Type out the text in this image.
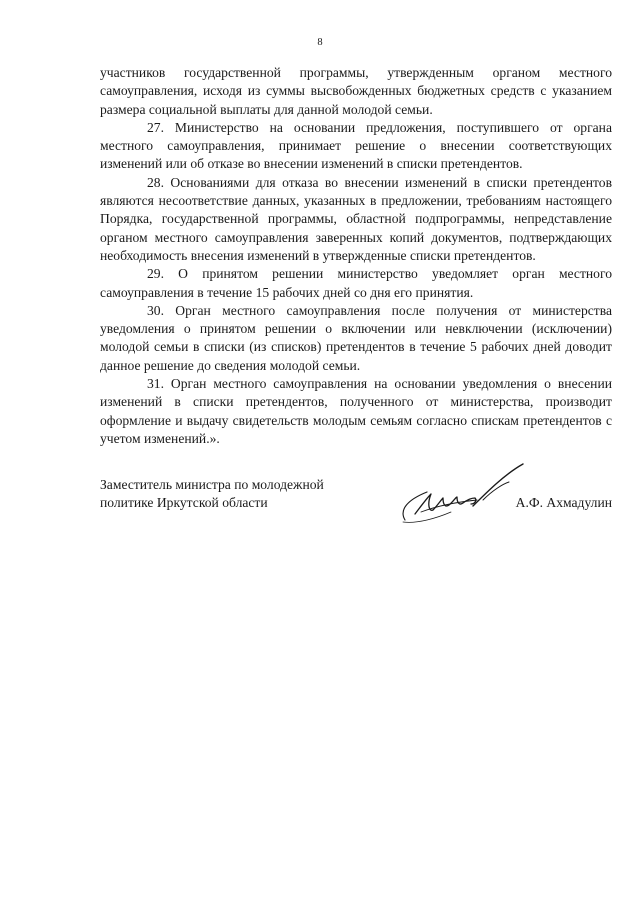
8

участников государственной программы, утвержденным органом местного самоуправления, исходя из суммы высвобожденных бюджетных средств с указанием размера социальной выплаты для данной молодой семьи.

27. Министерство на основании предложения, поступившего от органа местного самоуправления, принимает решение о внесении соответствующих изменений или об отказе во внесении изменений в списки претендентов.

28. Основаниями для отказа во внесении изменений в списки претендентов являются несоответствие данных, указанных в предложении, требованиям настоящего Порядка, государственной программы, областной подпрограммы, непредставление органом местного самоуправления заверенных копий документов, подтверждающих необходимость внесения изменений в утвержденные списки претендентов.

29. О принятом решении министерство уведомляет орган местного самоуправления в течение 15 рабочих дней со дня его принятия.

30. Орган местного самоуправления после получения от министерства уведомления о принятом решении о включении или невключении (исключении) молодой семьи в списки (из списков) претендентов в течение 5 рабочих дней доводит данное решение до сведения молодой семьи.

31. Орган местного самоуправления на основании уведомления о внесении изменений в списки претендентов, полученного от министерства, производит оформление и выдачу свидетельств молодым семьям согласно спискам претендентов с учетом изменений.».

Заместитель министра по молодежной
политике Иркутской области	А.Ф. Ахмадулин
